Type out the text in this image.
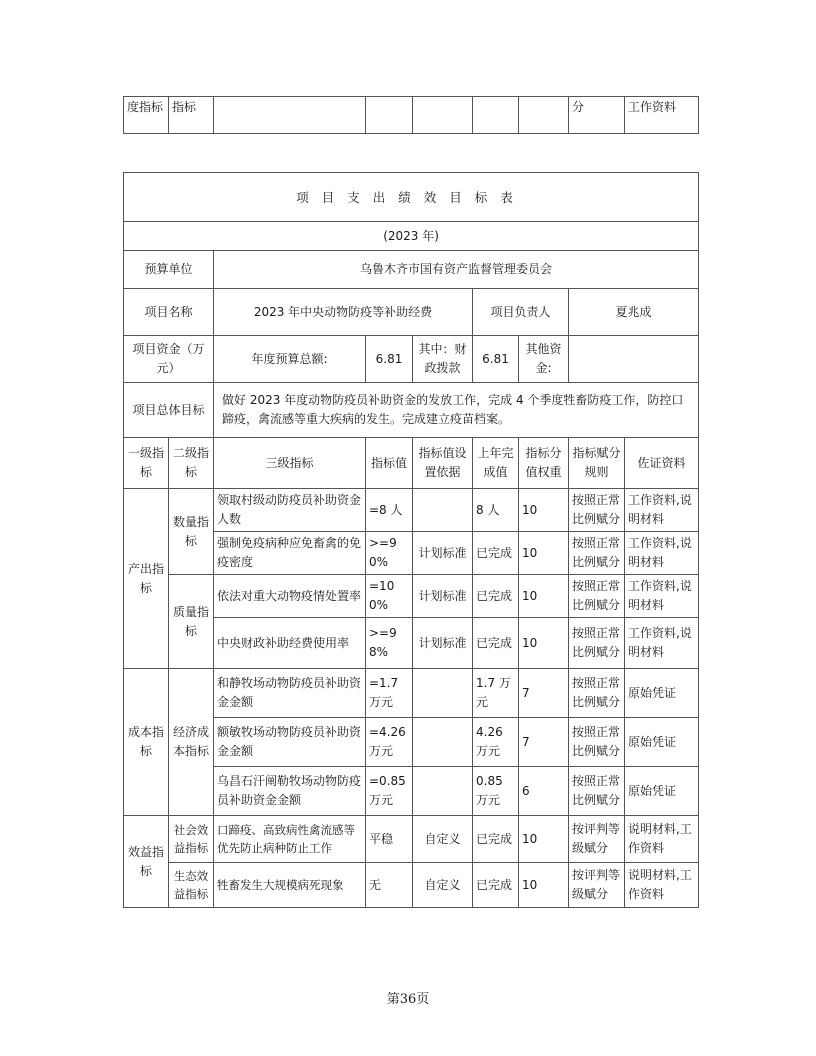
度指标	指标						分	工作资料
项目支出绩效目标表								
(2023 年)								
预算单位		乌鲁木齐市国有资产监督管理委员会						
项目名称		2023 年中央动物防疫等补助经费			项目负责人		夏兆成	
项目资金（万元）		年度预算总额:	6.81	其中：财政拨款	6.81	其他资金:		
项目总体目标		做好 2023 年度动物防疫员补助资金的发放工作，完成 4 个季度牲畜防疫工作，防控口蹄疫，禽流感等重大疾病的发生。完成建立疫苗档案。						
一级指标	二级指标	三级指标	指标值	指标值设置依据	上年完成值	指标分值权重	指标赋分规则	佐证资料
产出指标	数量指标	领取村级动防疫员补助资金人数	=8 人		8 人	10	按照正常比例赋分	工作资料,说明材料
		强制免疫病种应免畜禽的免疫密度	>=90%	计划标准	已完成	10	按照正常比例赋分	工作资料,说明材料
	质量指标	依法对重大动物疫情处置率	=100%	计划标准	已完成	10	按照正常比例赋分	工作资料,说明材料
		中央财政补助经费使用率	>=98%	计划标准	已完成	10	按照正常比例赋分	工作资料,说明材料
成本指标	经济成本指标	和静牧场动物防疫员补助资金金额	=1.7 万元		1.7 万元	7	按照正常比例赋分	原始凭证
		额敏牧场动物防疫员补助资金金额	=4.26 万元		4.26 万元	7	按照正常比例赋分	原始凭证
		乌昌石汗阐勒牧场动物防疫员补助资金金额	=0.85 万元		0.85 万元	6	按照正常比例赋分	原始凭证
效益指标	社会效益指标	口蹄疫、高致病性禽流感等优先防止病种防止工作	平稳	自定义	已完成	10	按评判等级赋分	说明材料,工作资料
	生态效益指标	牲畜发生大规模病死现象	无	自定义	已完成	10	按评判等级赋分	说明材料,工作资料
第36页
